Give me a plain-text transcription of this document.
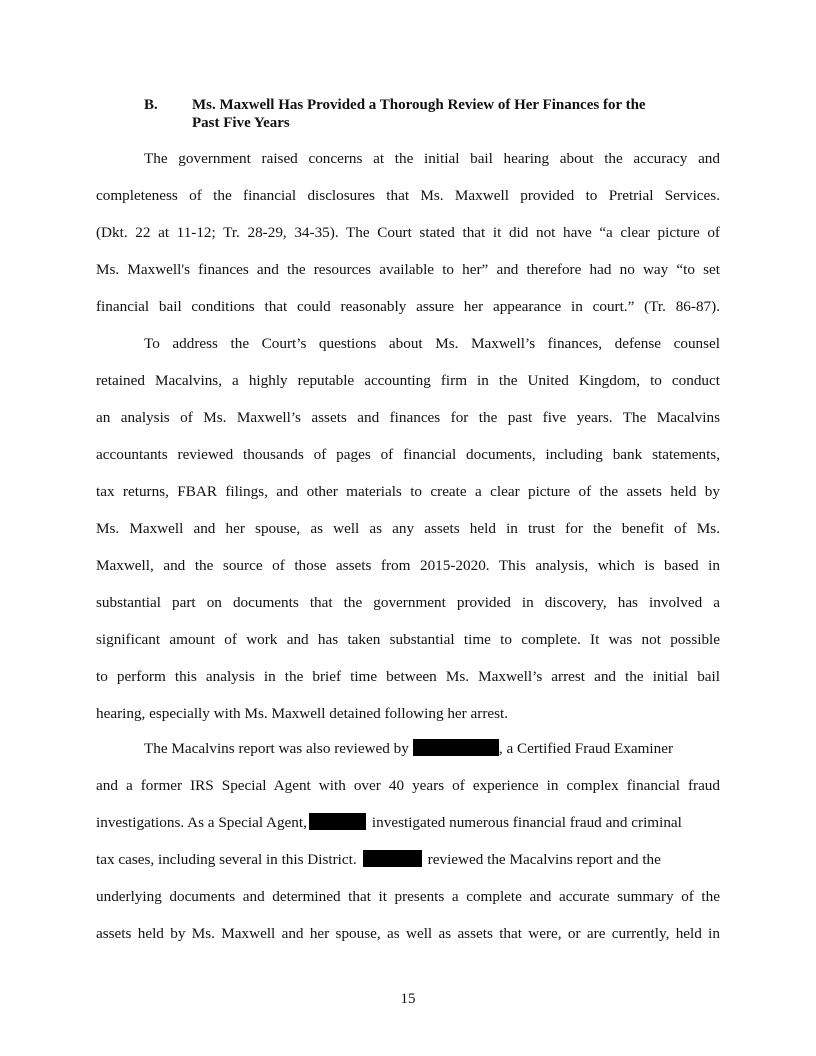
B. Ms. Maxwell Has Provided a Thorough Review of Her Finances for the
Past Five Years
The government raised concerns at the initial bail hearing about the accuracy and
completeness of the financial disclosures that Ms. Maxwell provided to Pretrial Services.
(Dkt. 22 at 11-12; Tr. 28-29, 34-35). The Court stated that it did not have “a clear picture of
Ms. Maxwell's finances and the resources available to her” and therefore had no way “to set
financial bail conditions that could reasonably assure her appearance in court.” (Tr. 86-87).
To address the Court’s questions about Ms. Maxwell’s finances, defense counsel
retained Macalvins, a highly reputable accounting firm in the United Kingdom, to conduct
an analysis of Ms. Maxwell’s assets and finances for the past five years. The Macalvins
accountants reviewed thousands of pages of financial documents, including bank statements,
tax returns, FBAR filings, and other materials to create a clear picture of the assets held by
Ms. Maxwell and her spouse, as well as any assets held in trust for the benefit of Ms.
Maxwell, and the source of those assets from 2015-2020. This analysis, which is based in
substantial part on documents that the government provided in discovery, has involved a
significant amount of work and has taken substantial time to complete. It was not possible
to perform this analysis in the brief time between Ms. Maxwell’s arrest and the initial bail
hearing, especially with Ms. Maxwell detained following her arrest.
The Macalvins report was also reviewed by	, a Certified Fraud Examiner
and a former IRS Special Agent with over 40 years of experience in complex financial fraud
investigations. As a Special Agent,	investigated numerous financial fraud and criminal
tax cases, including several in this District.	reviewed the Macalvins report and the
underlying documents and determined that it presents a complete and accurate summary of the
assets held by Ms. Maxwell and her spouse, as well as assets that were, or are currently, held in
15
